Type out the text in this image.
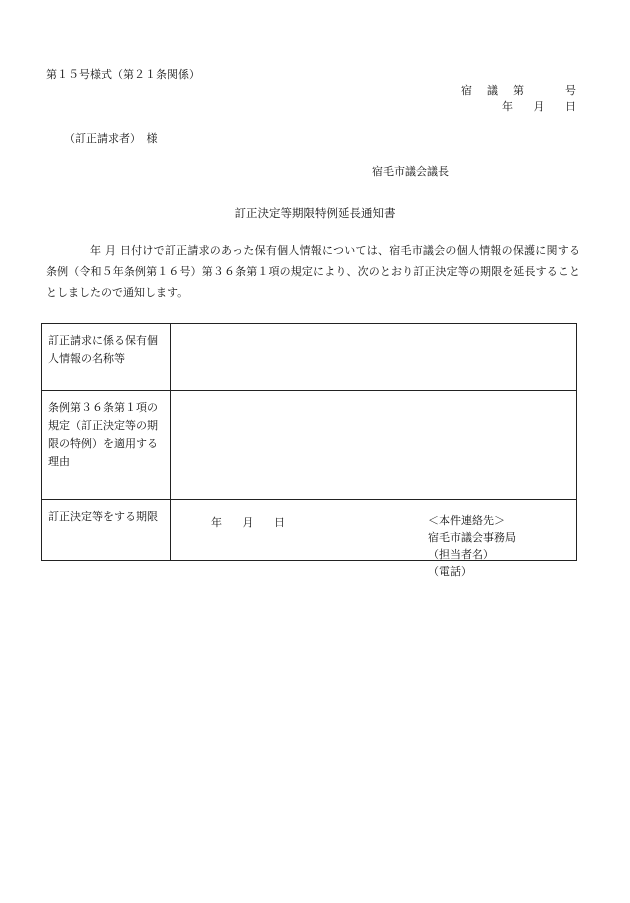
第１５号様式（第２１条関係）
宿　議　第　　　号
年　 月　 日
（訂正請求者）　様
宿毛市議会議長
訂正決定等期限特例延長通知書
年 月 日付けで訂正請求のあった保有個人情報については、宿毛市議会の個人情報の保護に関する条例（令和５年条例第１６号）第３６条第１項の規定により、次のとおり訂正決定等の期限を延長することとしましたので通知します。
訂正請求に係る保有個人情報の名称等	
条例第３６条第１項の規定（訂正決定等の期限の特例）を適用する理由	
訂正決定等をする期限	年　 月　 日	＜本件連絡先＞
宿毛市議会事務局
（担当者名）
（電話）
